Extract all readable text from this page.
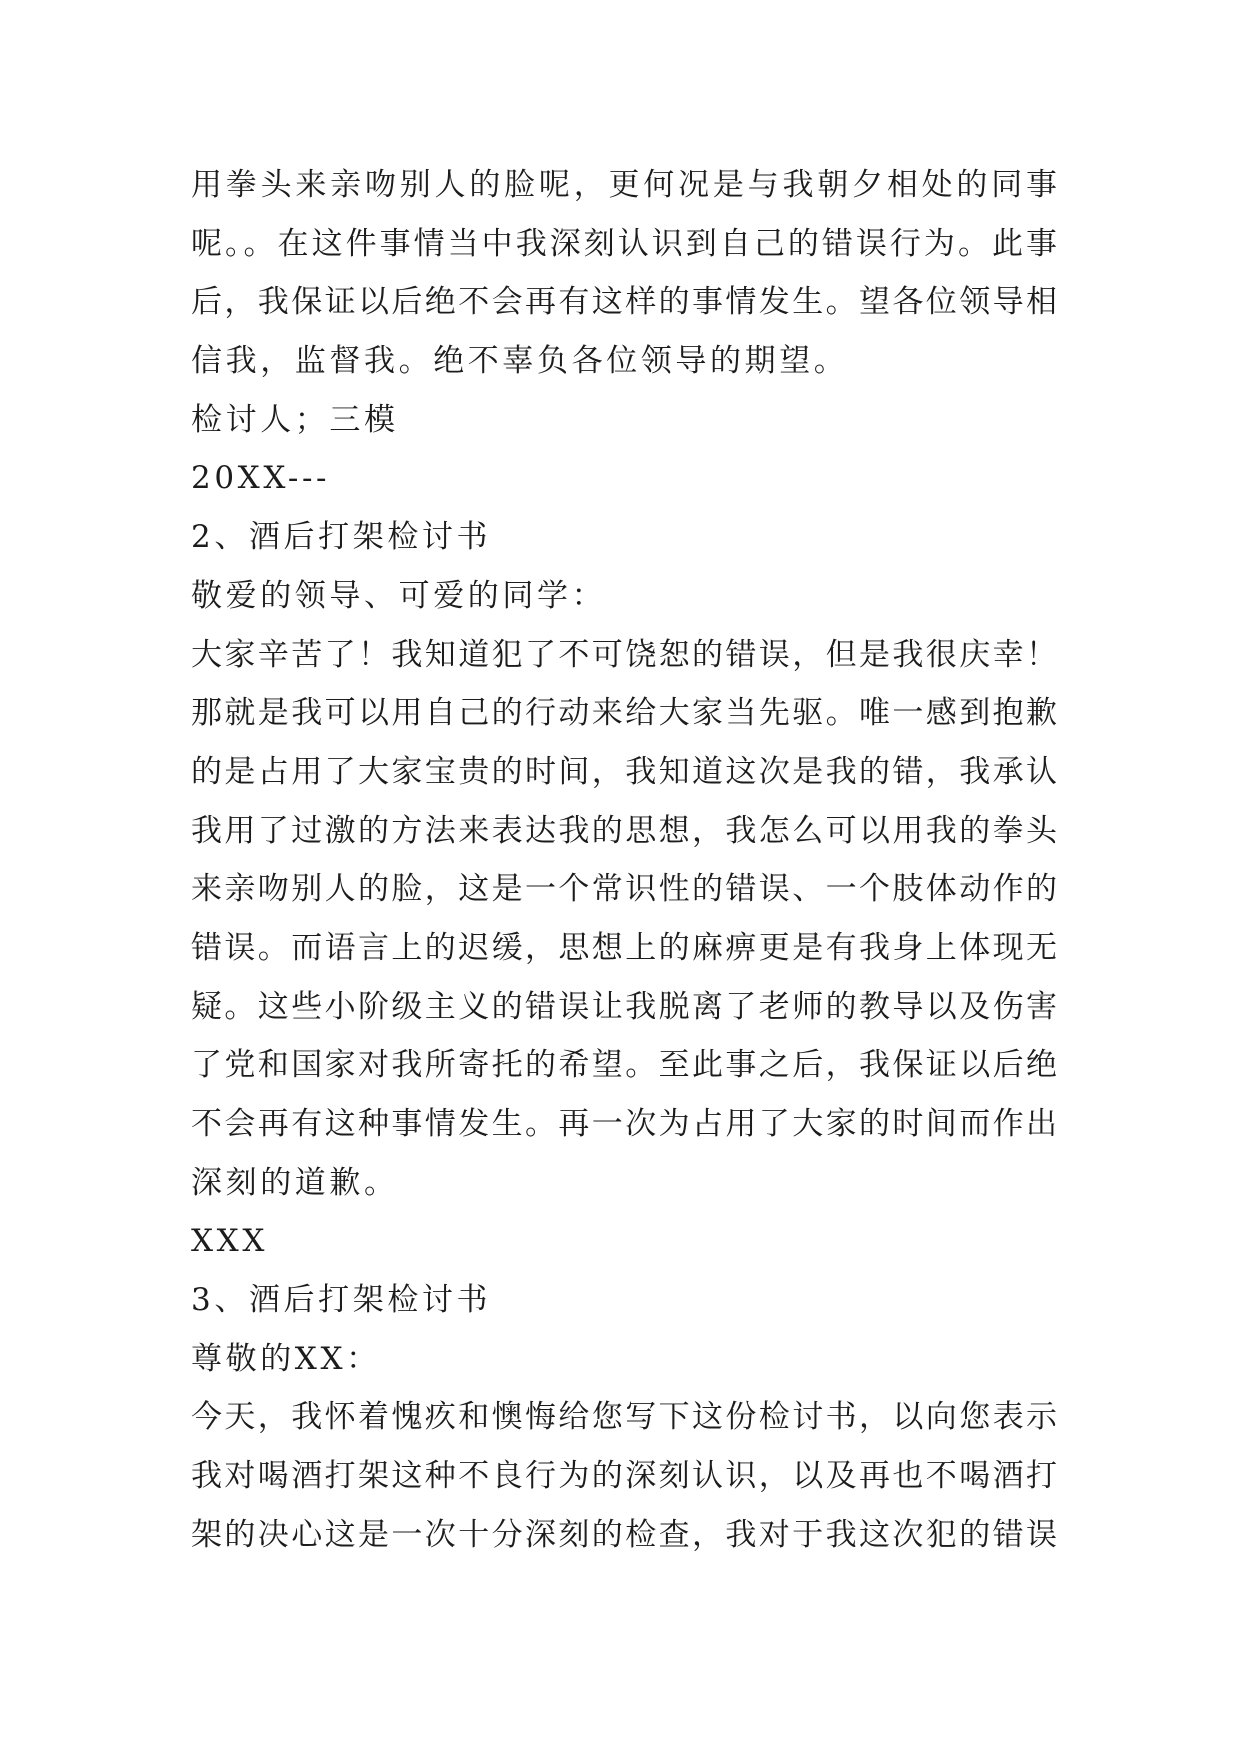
用拳头来亲吻别人的脸呢，更何况是与我朝夕相处的同事
呢。。在这件事情当中我深刻认识到自己的错误行为。此事
后，我保证以后绝不会再有这样的事情发生。望各位领导相
信我，监督我。绝不辜负各位领导的期望。
检讨人；三模
20XX---
2、酒后打架检讨书
敬爱的领导、可爱的同学：
大家辛苦了！我知道犯了不可饶恕的错误，但是我很庆幸！
那就是我可以用自己的行动来给大家当先驱。唯一感到抱歉
的是占用了大家宝贵的时间，我知道这次是我的错，我承认
我用了过激的方法来表达我的思想，我怎么可以用我的拳头
来亲吻别人的脸，这是一个常识性的错误、一个肢体动作的
错误。而语言上的迟缓，思想上的麻痹更是有我身上体现无
疑。这些小阶级主义的错误让我脱离了老师的教导以及伤害
了党和国家对我所寄托的希望。至此事之后，我保证以后绝
不会再有这种事情发生。再一次为占用了大家的时间而作出
深刻的道歉。
XXX
3、酒后打架检讨书
尊敬的XX：
今天，我怀着愧疚和懊悔给您写下这份检讨书，以向您表示
我对喝酒打架这种不良行为的深刻认识，以及再也不喝酒打
架的决心这是一次十分深刻的检查，我对于我这次犯的错误
